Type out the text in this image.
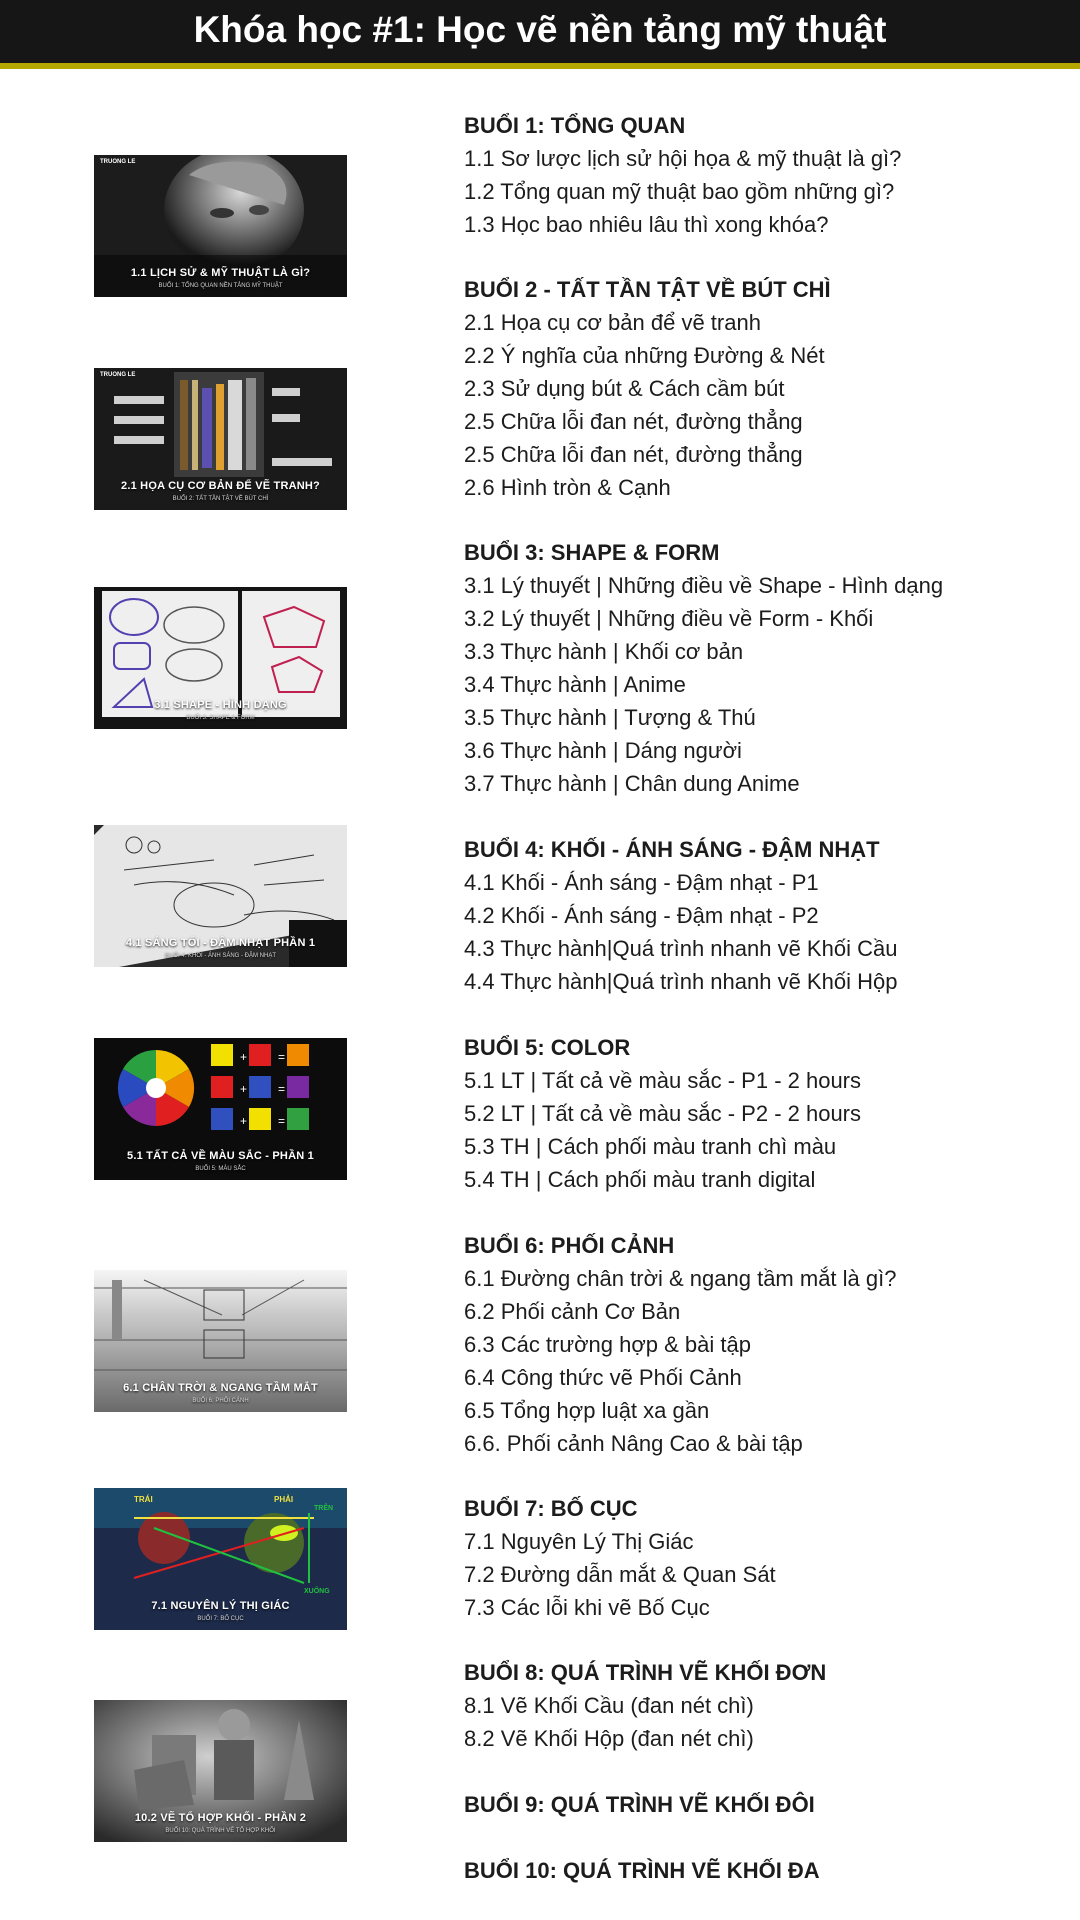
Khóa học #1: Học vẽ nền tảng mỹ thuật
TRUONG LE
1.1 LỊCH SỬ & MỸ THUẬT LÀ GÌ?
BUỔI 1: TỔNG QUAN NỀN TẢNG MỸ THUẬT
TRUONG LE
2.1 HỌA CỤ CƠ BẢN ĐỂ VẼ TRANH?
BUỔI 2: TẤT TẦN TẬT VỀ BÚT CHÌ
3.1 SHAPE - HÌNH DẠNG
BUỔI 3: SHAPE & FORM
4.1 SÁNG TỐI - ĐẬM NHẠT PHẦN 1
BUỔI 4: KHỐI - ÁNH SÁNG - ĐẬM NHẠT
+	=
+	=
+	=
5.1 TẤT CẢ VỀ MÀU SẮC - PHẦN 1
BUỔI 5: MÀU SẮC
6.1 CHÂN TRỜI & NGANG TẦM MẮT
BUỔI 6: PHỐI CẢNH
TRÁI	PHẢI
TRÊN
XUỐNG
7.1 NGUYÊN LÝ THỊ GIÁC
BUỔI 7: BỐ CỤC
10.2 VẼ TỔ HỢP KHỐI - PHẦN 2
BUỔI 10: QUÁ TRÌNH VẼ TỔ HỢP KHỐI
BUỔI 1: TỔNG QUAN
1.1 Sơ lược lịch sử hội họa & mỹ thuật là gì?
1.2 Tổng quan mỹ thuật bao gồm những gì?
1.3 Học bao nhiêu lâu thì xong khóa?
BUỔI 2 - TẤT TẦN TẬT VỀ BÚT CHÌ
2.1 Họa cụ cơ bản để vẽ tranh
2.2 Ý nghĩa của những Đường & Nét
2.3 Sử dụng bút & Cách cầm bút
2.5 Chữa lỗi đan nét, đường thẳng
2.5 Chữa lỗi đan nét, đường thẳng
2.6 Hình tròn & Cạnh
BUỔI 3: SHAPE & FORM
3.1 Lý thuyết | Những điều về Shape - Hình dạng
3.2 Lý thuyết | Những điều về Form - Khối
3.3 Thực hành | Khối cơ bản
3.4 Thực hành | Anime
3.5 Thực hành | Tượng & Thú
3.6 Thực hành | Dáng người
3.7 Thực hành | Chân dung Anime
BUỔI 4: KHỐI - ÁNH SÁNG - ĐẬM NHẠT
4.1 Khối - Ánh sáng - Đậm nhạt - P1
4.2 Khối - Ánh sáng - Đậm nhạt - P2
4.3 Thực hành|Quá trình nhanh vẽ Khối Cầu
4.4 Thực hành|Quá trình nhanh vẽ Khối Hộp
BUỔI 5: COLOR
5.1 LT | Tất cả về màu sắc - P1 - 2 hours
5.2 LT | Tất cả về màu sắc - P2 - 2 hours
5.3 TH | Cách phối màu tranh chì màu
5.4 TH | Cách phối màu tranh digital
BUỔI 6: PHỐI CẢNH
6.1 Đường chân trời & ngang tầm mắt là gì?
6.2 Phối cảnh Cơ Bản
6.3 Các trường hợp & bài tập
6.4 Công thức vẽ Phối Cảnh
6.5 Tổng hợp luật xa gần
6.6. Phối cảnh Nâng Cao & bài tập
BUỔI 7: BỐ CỤC
7.1 Nguyên Lý Thị Giác
7.2 Đường dẫn mắt & Quan Sát
7.3 Các lỗi khi vẽ Bố Cục
BUỔI 8: QUÁ TRÌNH VẼ KHỐI ĐƠN
8.1 Vẽ Khối Cầu (đan nét chì)
8.2 Vẽ Khối Hộp (đan nét chì)
BUỔI 9: QUÁ TRÌNH VẼ KHỐI ĐÔI
BUỔI 10: QUÁ TRÌNH VẼ KHỐI ĐA
